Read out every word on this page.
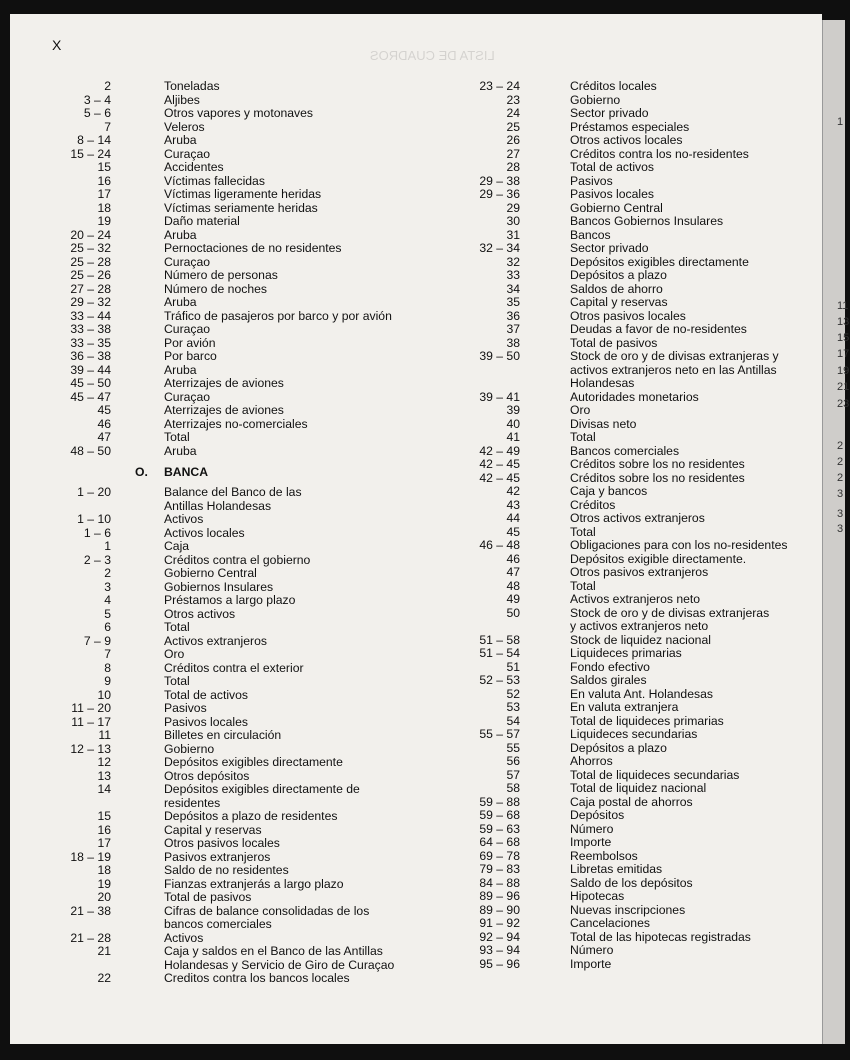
LISTA DE CUADROS
X
2	Toneladas
3 – 4	Aljibes
5 – 6	Otros vapores y motonaves
7	Veleros
8 – 14	Aruba
15 – 24	Curaçao
15	Accidentes
16	Víctimas fallecidas
17	Víctimas ligeramente heridas
18	Víctimas seriamente heridas
19	Daño material
20 – 24	Aruba
25 – 32	Pernoctaciones de no residentes
25 – 28	Curaçao
25 – 26	Número de personas
27 – 28	Número de noches
29 – 32	Aruba
33 – 44	Tráfico de pasajeros por barco y por avión
33 – 38	Curaçao
33 – 35	Por avión
36 – 38	Por barco
39 – 44	Aruba
45 – 50	Aterrizajes de aviones
45 – 47	Curaçao
45	Aterrizajes de aviones
46	Aterrizajes no-comerciales
47	Total
48 – 50	Aruba
O. BANCA
1 – 20	Balance del Banco de las
Antillas Holandesas
1 – 10	Activos
1 – 6	Activos locales
1	Caja
2 – 3	Créditos contra el gobierno
2	Gobierno Central
3	Gobiernos Insulares
4	Préstamos a largo plazo
5	Otros activos
6	Total
7 – 9	Activos extranjeros
7	Oro
8	Créditos contra el exterior
9	Total
10	Total de activos
11 – 20	Pasivos
11 – 17	Pasivos locales
11	Billetes en circulación
12 – 13	Gobierno
12	Depósitos exigibles directamente
13	Otros depósitos
14	Depósitos exigibles directamente de
residentes
15	Depósitos a plazo de residentes
16	Capital y reservas
17	Otros pasivos locales
18 – 19	Pasivos extranjeros
18	Saldo de no residentes
19	Fianzas extranjerás a largo plazo
20	Total de pasivos
21 – 38	Cifras de balance consolidadas de los
bancos comerciales
21 – 28	Activos
21	Caja y saldos en el Banco de las Antillas
Holandesas y Servicio de Giro de Curaçao
22	Creditos contra los bancos locales
23 – 24	Créditos locales
23	Gobierno
24	Sector privado
25	Préstamos especiales
26	Otros activos locales
27	Créditos contra los no-residentes
28	Total de activos
29 – 38	Pasivos
29 – 36	Pasivos locales
29	Gobierno Central
30	Bancos Gobiernos Insulares
31	Bancos
32 – 34	Sector privado
32	Depósitos exigibles directamente
33	Depósitos a plazo
34	Saldos de ahorro
35	Capital y reservas
36	Otros pasivos locales
37	Deudas a favor de no-residentes
38	Total de pasivos
39 – 50	Stock de oro y de divisas extranjeras y
activos extranjeros neto en las Antillas
Holandesas
39 – 41	Autoridades monetarios
39	Oro
40	Divisas neto
41	Total
42 – 49	Bancos comerciales
42 – 45	Créditos sobre los no residentes
42 – 45	Créditos sobre los no residentes
42	Caja y bancos
43	Créditos
44	Otros activos extranjeros
45	Total
46 – 48	Obligaciones para con los no-residentes
46	Depósitos exigible directamente.
47	Otros pasivos extranjeros
48	Total
49	Activos extranjeros neto
50	Stock de oro y de divisas extranjeras
y activos extranjeros neto
51 – 58	Stock de liquidez nacional
51 – 54	Liquideces primarias
51	Fondo efectivo
52 – 53	Saldos girales
52	En valuta Ant. Holandesas
53	En valuta extranjera
54	Total de liquideces primarias
55 – 57	Liquideces secundarias
55	Depósitos a plazo
56	Ahorros
57	Total de liquideces secundarias
58	Total de liquidez nacional
59 – 88	Caja postal de ahorros
59 – 68	Depósitos
59 – 63	Número
64 – 68	Importe
69 – 78	Reembolsos
79 – 83	Libretas emitidas
84 – 88	Saldo de los depósitos
89 – 96	Hipotecas
89 – 90	Nuevas inscripciones
91 – 92	Cancelaciones
92 – 94	Total de las hipotecas registradas
93 – 94	Número
95 – 96	Importe
1
11
13
15
17
19
21
23
2
2
2
3
3
3
